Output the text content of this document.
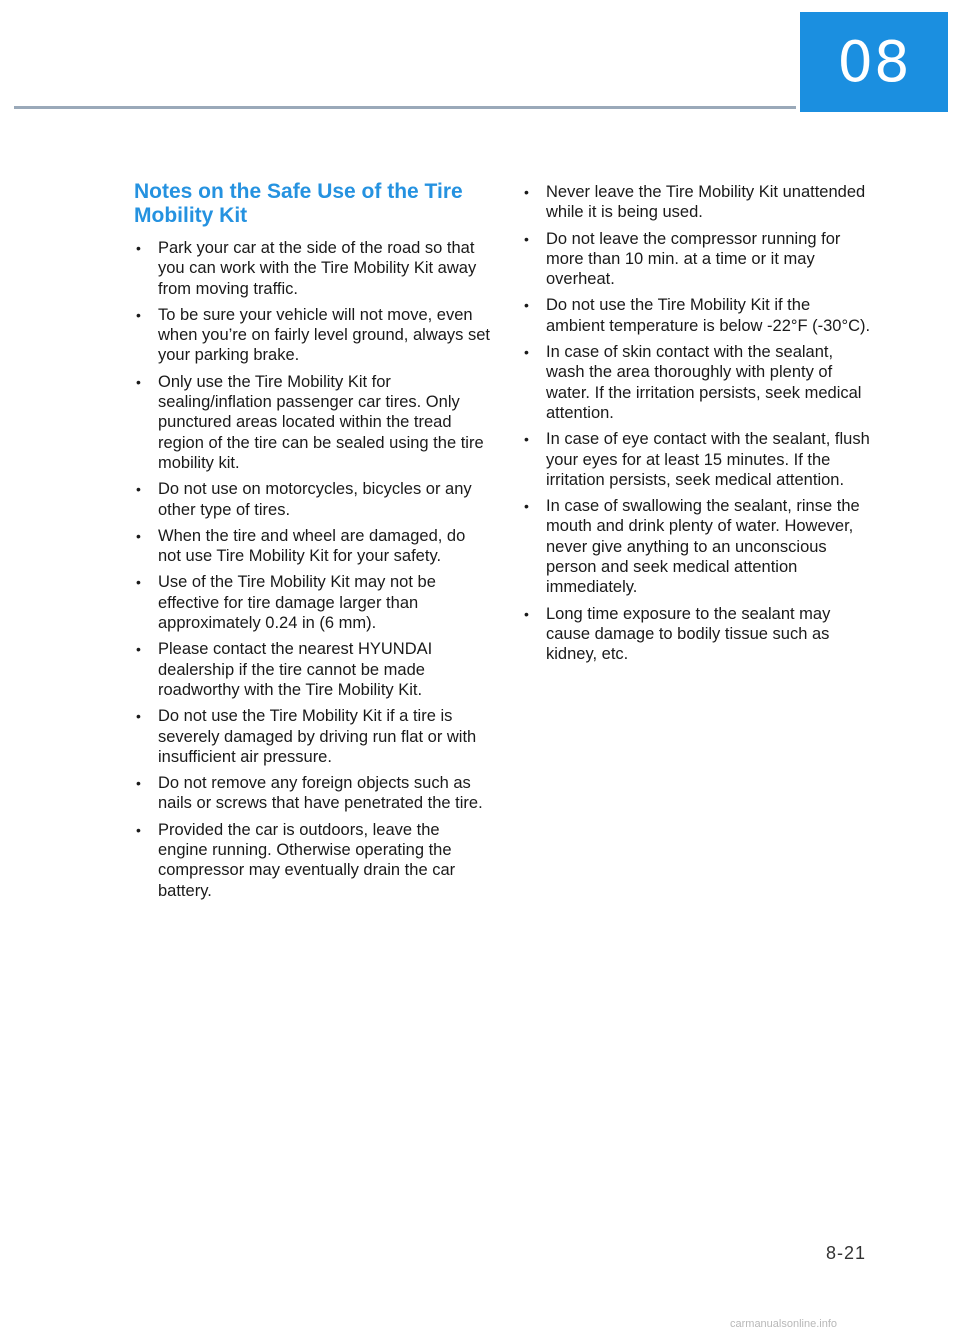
08
Notes on the Safe Use of the Tire Mobility Kit
• Park your car at the side of the road so that you can work with the Tire Mobility Kit away from moving traffic.
• To be sure your vehicle will not move, even when you’re on fairly level ground, always set your parking brake.
• Only use the Tire Mobility Kit for sealing/inflation passenger car tires. Only punctured areas located within the tread region of the tire can be sealed using the tire mobility kit.
• Do not use on motorcycles, bicycles or any other type of tires.
• When the tire and wheel are damaged, do not use Tire Mobility Kit for your safety.
• Use of the Tire Mobility Kit may not be effective for tire damage larger than approximately 0.24 in (6 mm).
• Please contact the nearest HYUNDAI dealership if the tire cannot be made roadworthy with the Tire Mobility Kit.
• Do not use the Tire Mobility Kit if a tire is severely damaged by driving run flat or with insufficient air pressure.
• Do not remove any foreign objects such as nails or screws that have penetrated the tire.
• Provided the car is outdoors, leave the engine running. Otherwise operating the compressor may eventually drain the car battery.
• Never leave the Tire Mobility Kit unattended while it is being used.
• Do not leave the compressor running for more than 10 min. at a time or it may overheat.
• Do not use the Tire Mobility Kit if the ambient temperature is below -22°F (-30°C).
• In case of skin contact with the sealant, wash the area thoroughly with plenty of water. If the irritation persists, seek medical attention.
• In case of eye contact with the sealant, flush your eyes for at least 15 minutes. If the irritation persists, seek medical attention.
• In case of swallowing the sealant, rinse the mouth and drink plenty of water. However, never give anything to an unconscious person and seek medical attention immediately.
• Long time exposure to the sealant may cause damage to bodily tissue such as kidney, etc.
8-21
carmanualsonline.info
